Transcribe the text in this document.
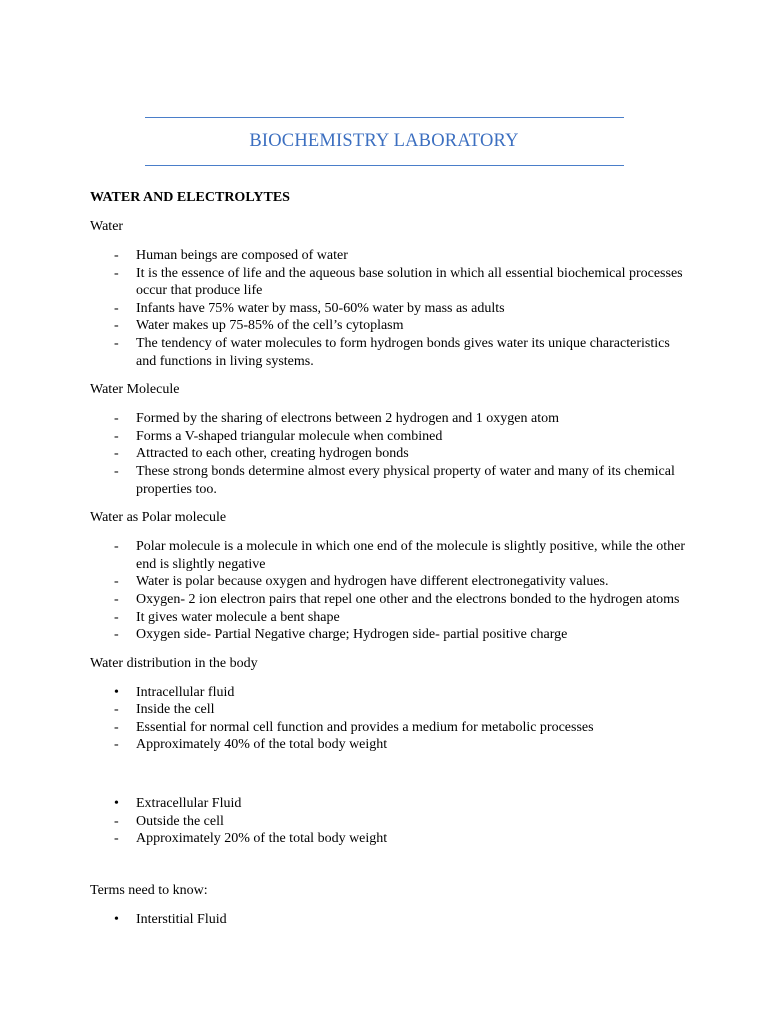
BIOCHEMISTRY LABORATORY
WATER AND ELECTROLYTES
Water
- Human beings are composed of water
- It is the essence of life and the aqueous base solution in which all essential biochemical processes occur that produce life
- Infants have 75% water by mass, 50-60% water by mass as adults
- Water makes up 75-85% of the cell’s cytoplasm
- The tendency of water molecules to form hydrogen bonds gives water its unique characteristics and functions in living systems.
Water Molecule
- Formed by the sharing of electrons between 2 hydrogen and 1 oxygen atom
- Forms a V-shaped triangular molecule when combined
- Attracted to each other, creating hydrogen bonds
- These strong bonds determine almost every physical property of water and many of its chemical properties too.
Water as Polar molecule
- Polar molecule is a molecule in which one end of the molecule is slightly positive, while the other end is slightly negative
- Water is polar because oxygen and hydrogen have different electronegativity values.
- Oxygen- 2 ion electron pairs that repel one other and the electrons bonded to the hydrogen atoms
- It gives water molecule a bent shape
- Oxygen side- Partial Negative charge; Hydrogen side- partial positive charge
Water distribution in the body
• Intracellular fluid
- Inside the cell
- Essential for normal cell function and provides a medium for metabolic processes
- Approximately 40% of the total body weight
• Extracellular Fluid
- Outside the cell
- Approximately 20% of the total body weight
Terms need to know:
• Interstitial Fluid
